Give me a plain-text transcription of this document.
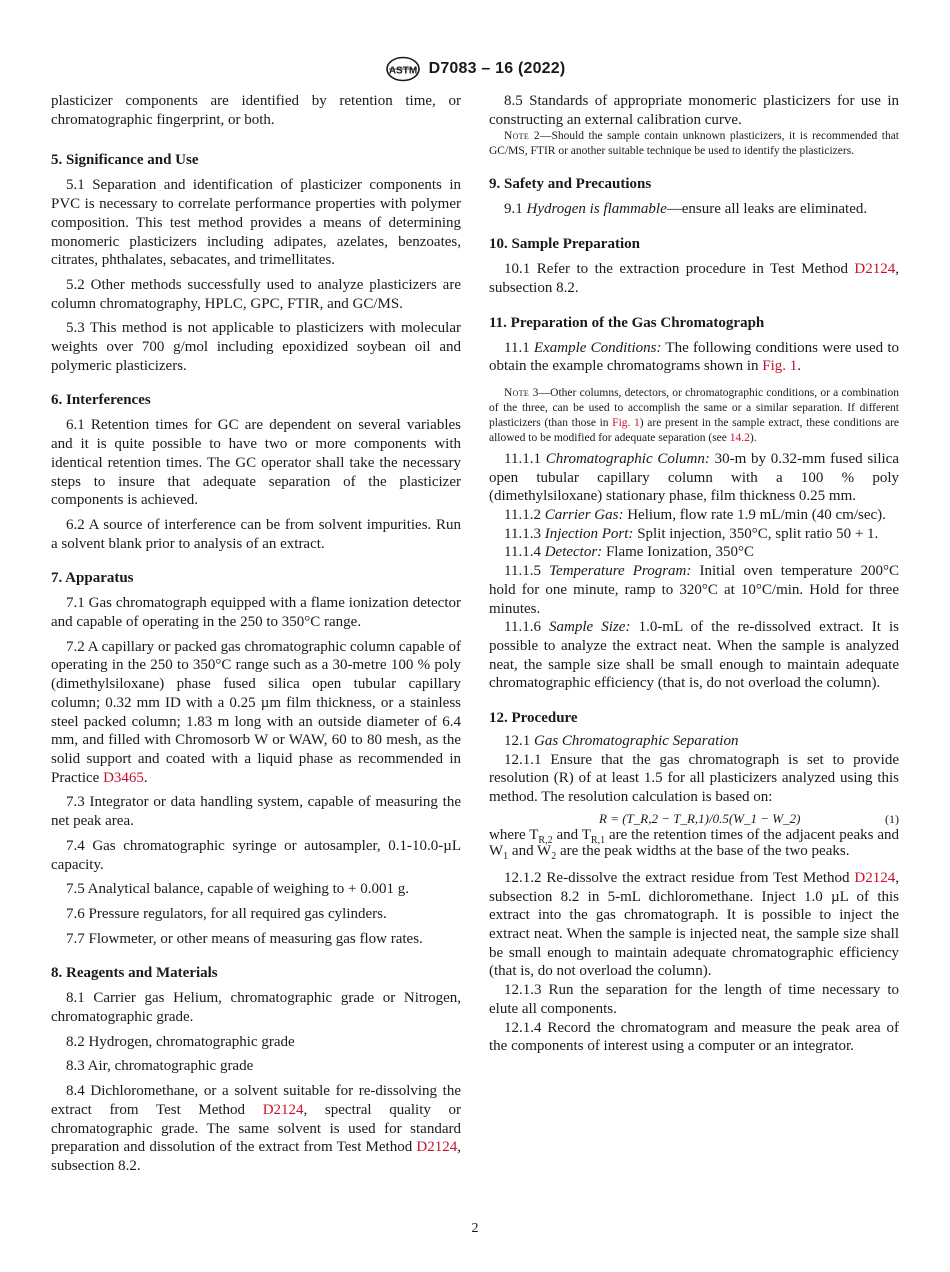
ASTM D7083 – 16 (2022)

plasticizer components are identified by retention time, or chromatographic fingerprint, or both.

5. Significance and Use

5.1 Separation and identification of plasticizer components in PVC is necessary to correlate performance properties with polymer composition. This test method provides a means of determining monomeric plasticizers including adipates, azelates, benzoates, citrates, phthalates, sebacates, and trimellitates.

5.2 Other methods successfully used to analyze plasticizers are column chromatography, HPLC, GPC, FTIR, and GC/MS.

5.3 This method is not applicable to plasticizers with molecular weights over 700 g/mol including epoxidized soybean oil and polymeric plasticizers.

6. Interferences

6.1 Retention times for GC are dependent on several variables and it is quite possible to have two or more components with identical retention times. The GC operator shall take the necessary steps to insure that adequate separation of the plasticizer components is achieved.

6.2 A source of interference can be from solvent impurities. Run a solvent blank prior to analysis of an extract.

7. Apparatus

7.1 Gas chromatograph equipped with a flame ionization detector and capable of operating in the 250 to 350°C range.

7.2 A capillary or packed gas chromatographic column capable of operating in the 250 to 350°C range such as a 30-metre 100 % poly (dimethylsiloxane) phase fused silica open tubular capillary column; 0.32 mm ID with a 0.25 µm film thickness, or a stainless steel packed column; 1.83 m long with an outside diameter of 6.4 mm, and filled with Chromosorb W or WAW, 60 to 80 mesh, as the solid support and coated with a liquid phase as recommended in Practice D3465.

7.3 Integrator or data handling system, capable of measuring the net peak area.

7.4 Gas chromatographic syringe or autosampler, 0.1-10.0-µL capacity.

7.5 Analytical balance, capable of weighing to + 0.001 g.

7.6 Pressure regulators, for all required gas cylinders.

7.7 Flowmeter, or other means of measuring gas flow rates.

8. Reagents and Materials

8.1 Carrier gas Helium, chromatographic grade or Nitrogen, chromatographic grade.

8.2 Hydrogen, chromatographic grade

8.3 Air, chromatographic grade

8.4 Dichloromethane, or a solvent suitable for re-dissolving the extract from Test Method D2124, spectral quality or chromatographic grade. The same solvent is used for standard preparation and dissolution of the extract from Test Method D2124, subsection 8.2.

8.5 Standards of appropriate monomeric plasticizers for use in constructing an external calibration curve.

Note 2—Should the sample contain unknown plasticizers, it is recommended that GC/MS, FTIR or another suitable technique be used to identify the plasticizers.

9. Safety and Precautions

9.1 Hydrogen is flammable—ensure all leaks are eliminated.

10. Sample Preparation

10.1 Refer to the extraction procedure in Test Method D2124, subsection 8.2.

11. Preparation of the Gas Chromatograph

11.1 Example Conditions: The following conditions were used to obtain the example chromatograms shown in Fig. 1.

Note 3—Other columns, detectors, or chromatographic conditions, or a combination of the three, can be used to accomplish the same or a similar separation. If different plasticizers (than those in Fig. 1) are present in the sample extract, these conditions are allowed to be modified for adequate separation (see 14.2).

11.1.1 Chromatographic Column: 30-m by 0.32-mm fused silica open tubular capillary column with a 100 % poly (dimethylsiloxane) stationary phase, film thickness 0.25 mm.

11.1.2 Carrier Gas: Helium, flow rate 1.9 mL/min (40 cm/sec).

11.1.3 Injection Port: Split injection, 350°C, split ratio 50 + 1.

11.1.4 Detector: Flame Ionization, 350°C

11.1.5 Temperature Program: Initial oven temperature 200°C hold for one minute, ramp to 320°C at 10°C/min. Hold for three minutes.

11.1.6 Sample Size: 1.0-mL of the re-dissolved extract. It is possible to analyze the extract neat. When the sample is analyzed neat, the sample size shall be small enough to maintain adequate chromatographic efficiency (that is, do not overload the column).

12. Procedure

12.1 Gas Chromatographic Separation

12.1.1 Ensure that the gas chromatograph is set to provide resolution (R) of at least 1.5 for all plasticizers analyzed using this method. The resolution calculation is based on:

R = (T_R,2 − T_R,1)/0.5(W_1 − W_2)	(1)

where $T_{R,2}$ and $T_{R,1}$ are the retention times of the adjacent peaks and $W_1$ and $W_2$ are the peak widths at the base of the two peaks.

12.1.2 Re-dissolve the extract residue from Test Method D2124, subsection 8.2 in 5-mL dichloromethane. Inject 1.0 µL of this extract into the gas chromatograph. It is possible to inject the extract neat. When the sample is injected neat, the sample size shall be small enough to maintain adequate chromatographic efficiency (that is, do not overload the column).

12.1.3 Run the separation for the length of time necessary to elute all components.

12.1.4 Record the chromatogram and measure the peak area of the components of interest using a computer or an integrator.

2
